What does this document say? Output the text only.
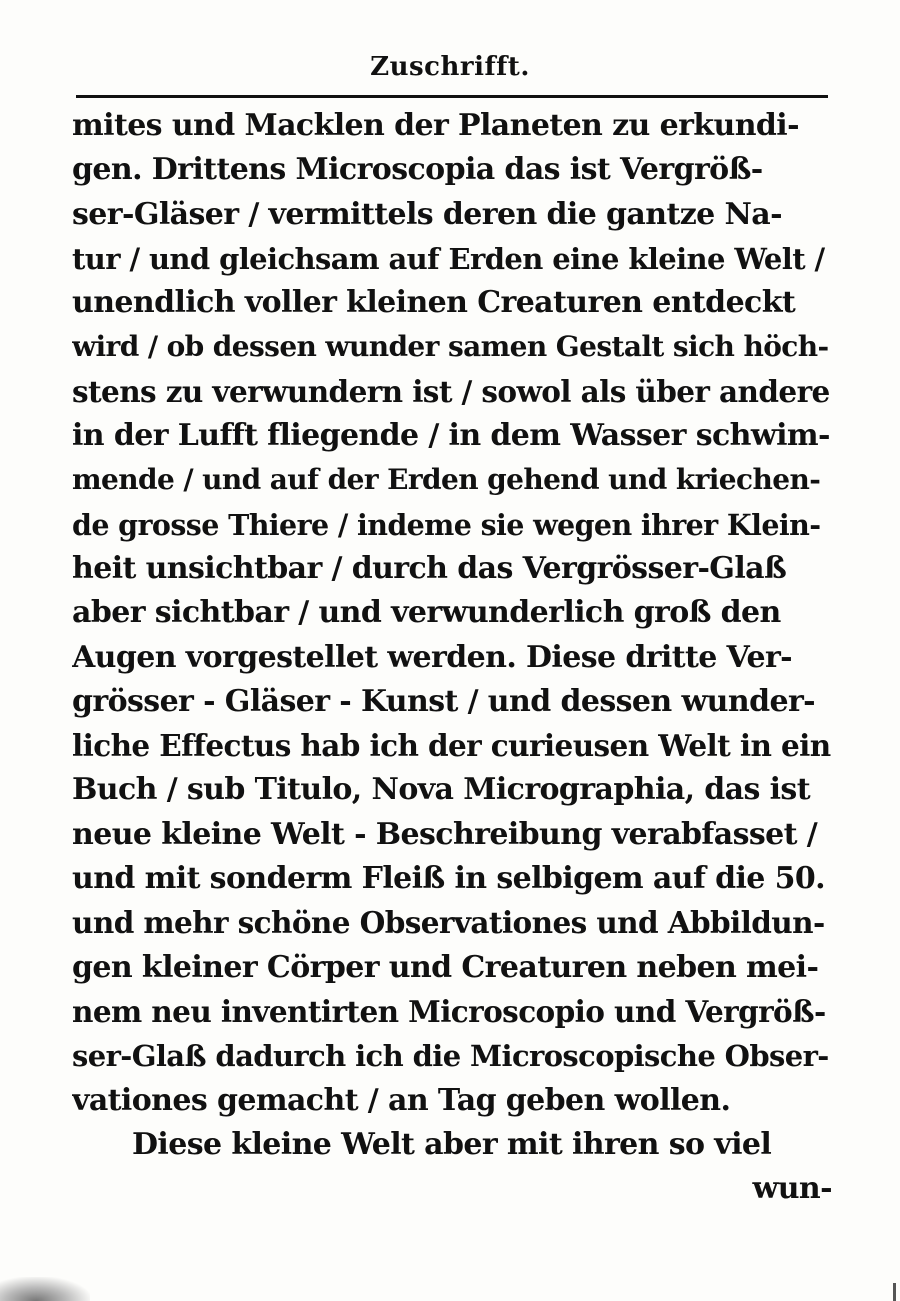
Zuschrifft.
mites und Macklen der Planeten zu erkundi-
gen. Drittens Microscopia das ist Vergröß-
ser-Gläser / vermittels deren die gantze Na-
tur / und gleichsam auf Erden eine kleine Welt /
unendlich voller kleinen Creaturen entdeckt
wird / ob dessen wunder samen Gestalt sich höch-
stens zu verwundern ist / sowol als über andere
in der Lufft fliegende / in dem Wasser schwim-
mende / und auf der Erden gehend und kriechen-
de grosse Thiere / indeme sie wegen ihrer Klein-
heit unsichtbar / durch das Vergrösser-Glaß
aber sichtbar / und verwunderlich groß den
Augen vorgestellet werden. Diese dritte Ver-
grösser - Gläser - Kunst / und dessen wunder-
liche Effectus hab ich der curieusen Welt in ein
Buch / sub Titulo, Nova Micrographia, das ist
neue kleine Welt - Beschreibung verabfasset /
und mit sonderm Fleiß in selbigem auf die 50.
und mehr schöne Observationes und Abbildun-
gen kleiner Cörper und Creaturen neben mei-
nem neu inventirten Microscopio und Vergröß-
ser-Glaß dadurch ich die Microscopische Obser-
vationes gemacht / an Tag geben wollen.
Diese kleine Welt aber mit ihren so viel
wun-
